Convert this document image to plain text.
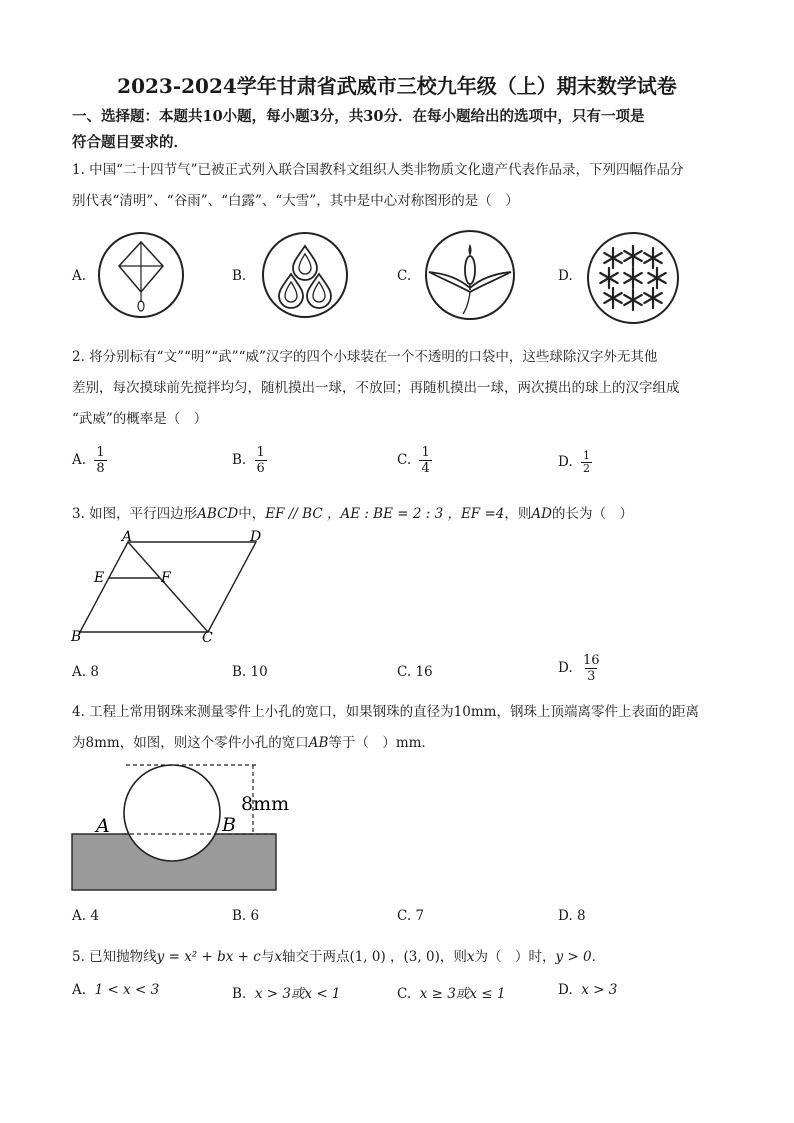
2023-2024学年甘肃省武威市三校九年级（上）期末数学试卷
一、选择题：本题共10小题，每小题3分，共30分．在每小题给出的选项中，只有一项是
符合题目要求的．
1. 中国“二十四节气”已被正式列入联合国教科文组织人类非物质文化遗产代表作品录，下列四幅作品分
别代表“清明”、“谷雨”、“白露”、“大雪”，其中是中心对称图形的是（　）
A.	B.	C.	D.
2. 将分别标有“文”“明”“武”“威”汉字的四个小球装在一个不透明的口袋中，这些球除汉字外无其他
差别，每次摸球前先搅拌均匀，随机摸出一球，不放回；再随机摸出一球，两次摸出的球上的汉字组成
“武威”的概率是（　）
A. $\frac{1}{8}$	B. $\frac{1}{6}$	C. $\frac{1}{4}$	D. $\frac{1}{2}$
3. 如图，平行四边形ABCD中，EF // BC ，AE : BE = 2 : 3 ，EF =4，则AD的长为（　）
A	D
E	F
B	C
A. 8	B. 10	C. 16	D. $\frac{16}{3}$
4. 工程上常用钢珠来测量零件上小孔的宽口，如果钢珠的直径为10mm，钢珠上顶端离零件上表面的距离
为8mm，如图，则这个零件小孔的宽口AB等于（　）mm．
A	B
8mm
A. 4	B. 6	C. 7	D. 8
5. 已知抛物线y = x² + bx + c与x轴交于两点(1, 0) ，(3, 0)，则x为（　）时，y > 0．
A. 1 < x < 3	B. x > 3或x < 1	C. x ≥ 3或x ≤ 1	D. x > 3
